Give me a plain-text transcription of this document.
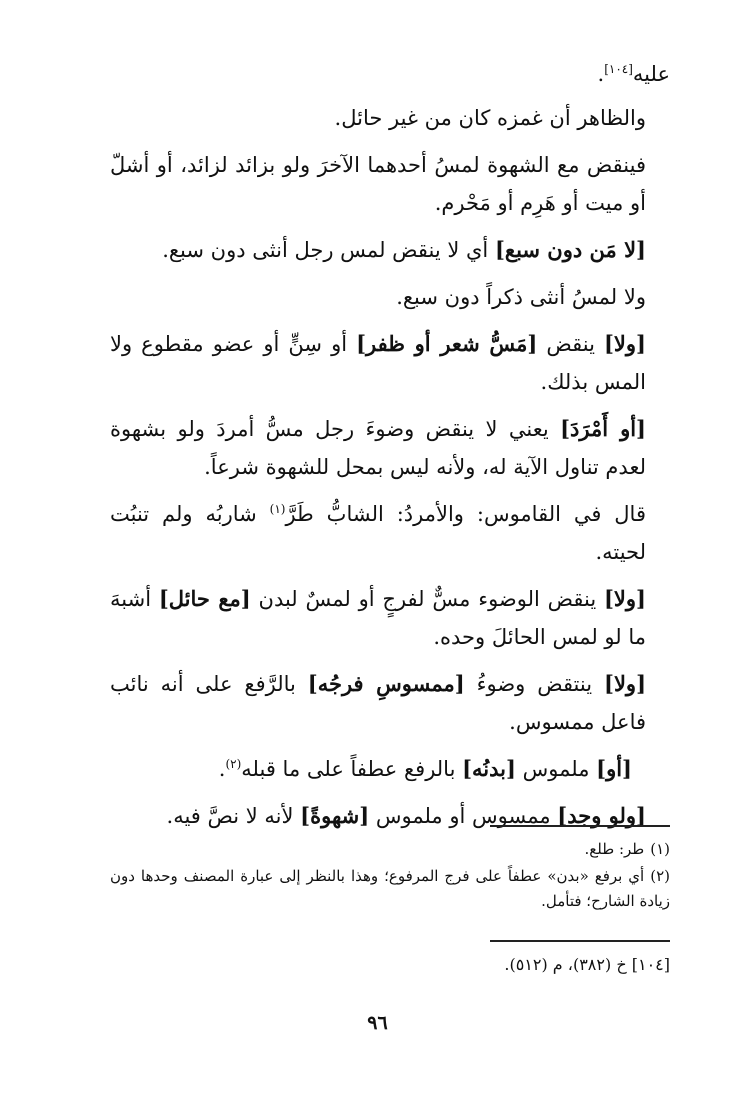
عليه[١٠٤].

والظاهر أن غمزه كان من غير حائل.

فينقض مع الشهوة لمسُ أحدهما الآخرَ ولو بزائد لزائد، أو أشلّ أو ميت أو هَرِم أو مَحْرم.

[لا مَن دون سبع] أي لا ينقض لمس رجل أنثى دون سبع.

ولا لمسُ أنثى ذكراً دون سبع.

[ولا] ينقض [مَسُّ شعر أو ظفر] أو سِنٍّ أو عضو مقطوع ولا المس بذلك.

[أو أَمْرَدَ] يعني لا ينقض وضوءَ رجل مسُّ أمردَ ولو بشهوة لعدم تناول الآية له، ولأنه ليس بمحل للشهوة شرعاً.

قال في القاموس: والأمردُ: الشابُّ طَرَّ$^{(١)}$ شاربُه ولم تنبُت لحيته.

[ولا] ينقض الوضوء مسٌّ لفرجٍ أو لمسٌ لبدن [مع حائل] أشبهَ ما لو لمس الحائلَ وحده.

[ولا] ينتقض وضوءُ [ممسوسِ فرجُه] بالرَّفع على أنه نائب فاعل ممسوس.

[أو] ملموس [بدنُه] بالرفع عطفاً على ما قبله$^{(٢)}$.

[ولو وجد] ممسوس أو ملموس [شهوةً] لأنه لا نصَّ فيه.

(١)طر: طلع.

(٢)أي برفع «بدن» عطفاً على فرج المرفوع؛ وهذا بالنظر إلى عبارة المصنف وحدها دون زيادة الشارح؛ فتأمل.

[١٠٤] خ (٣٨٢)، م (٥١٢).
٩٦
